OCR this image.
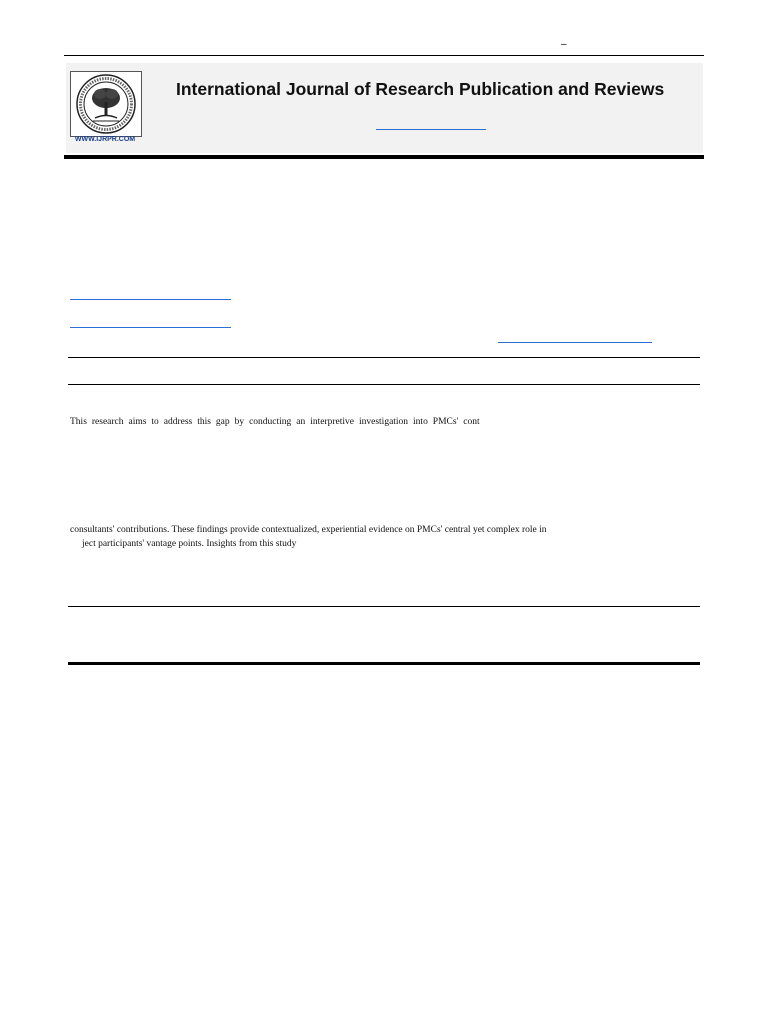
–
WWW.IJRPR.COM
International Journal of Research Publication and Reviews
This research aims to address this gap by conducting an interpretive investigation into PMCs' cont
consultants' contributions. These findings provide contextualized, experiential evidence on PMCs' central yet complex role in
ject participants' vantage points. Insights from this study
